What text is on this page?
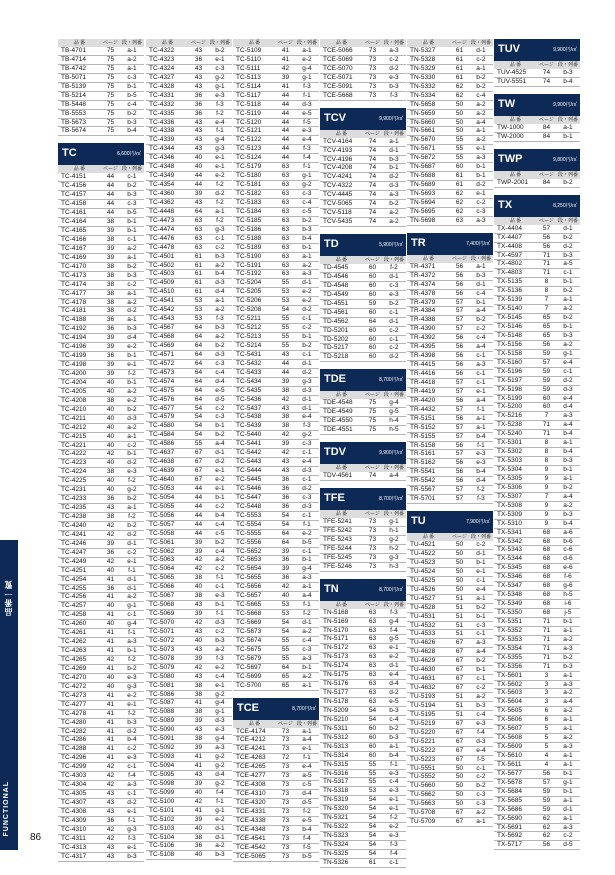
品 番	ページ 段・列番
TB-4701	75	a-1
TB-4714	75	a-2
TB-4742	75	a-1
TB-5071	75	c-3
TB-5139	75	b-1
TB-5214	75	b-5
TB-5448	75	c-4
TB-5553	75	b-2
TB-5673	75	b-3
TB-5674	75	b-4
TC	6,600円/㎡
品 番	ページ 段・列番
TC-4151	44	c-1
TC-4156	44	b-2
TC-4157	44	b-3
TC-4158	44	c-3
TC-4161	44	b-5
TC-4164	38	b-1
TC-4165	39	b-1
TC-4166	38	c-1
TC-4167	39	a-2
TC-4169	39	a-1
TC-4170	38	b-2
TC-4173	38	b-3
TC-4174	38	c-2
TC-4177	38	a-1
TC-4178	38	a-2
TC-4181	38	d-2
TC-4188	36	a-1
TC-4192	36	b-3
TC-4194	39	d-4
TC-4196	39	e-2
TC-4199	36	b-1
TC-4198	39	e-1
TC-4200	39	f-2
TC-4204	40	b-1
TC-4205	40	a-2
TC-4208	38	e-2
TC-4210	40	b-2
TC-4211	40	d-3
TC-4212	40	a-2
TC-4215	40	a-1
TC-4221	40	c-2
TC-4222	42	b-1
TC-4223	40	d-2
TC-4224	38	e-3
TC-4225	40	f-2
TC-4231	40	g-2
TC-4233	36	b-2
TC-4235	43	a-1
TC-4238	38	f-2
TC-4240	42	b-2
TC-4241	42	d-2
TC-4246	39	d-1
TC-4247	36	c-2
TC-4249	42	e-1
TC-4251	40	f-1
TC-4254	41	d-1
TC-4255	36	d-1
TC-4256	41	a-2
TC-4257	40	g-1
TC-4258	41	c-1
TC-4260	40	g-4
TC-4261	41	f-1
TC-4262	41	a-3
TC-4263	41	b-1
TC-4265	42	f-2
TC-4269	41	b-2
TC-4270	40	e-3
TC-4272	40	g-3
TC-4273	41	e-2
TC-4277	41	e-1
TC-4278	41	f-2
TC-4280	41	b-3
TC-4282	41	d-2
TC-4286	41	b-4
TC-4288	41	c-2
TC-4296	41	e-3
TC-4299	42	c-1
TC-4303	42	f-4
TC-4304	42	a-3
TC-4305	43	c-1
TC-4307	43	d-2
TC-4308	43	e-1
TC-4309	36	f-1
TC-4310	42	g-3
TC-4311	42	f-3
TC-4313	43	e-1
TC-4317	43	b-3
品 番	ページ 段・列番
TC-4322	43	b-2
TC-4323	36	e-1
TC-4324	43	c-3
TC-4327	43	g-2
TC-4328	43	g-1
TC-4331	36	e-3
TC-4332	36	f-3
TC-4335	36	f-2
TC-4336	43	e-4
TC-4338	43	f-1
TC-4339	43	g-4
TC-4344	43	g-3
TC-4346	40	e-1
TC-4348	40	e-1
TC-4349	44	e-2
TC-4354	44	f-2
TC-4360	39	d-2
TC-4362	43	f-2
TC-4448	64	a-1
TC-4473	63	f-2
TC-4474	63	g-3
TC-4476	63	c-1
TC-4478	63	c-2
TC-4501	61	b-3
TC-4502	61	a-2
TC-4503	61	b-4
TC-4509	61	d-3
TC-4510	61	d-4
TC-4541	53	a-1
TC-4542	53	a-2
TC-4543	53	f-3
TC-4567	64	b-3
TC-4568	64	a-2
TC-4569	64	b-2
TC-4571	64	d-3
TC-4572	64	c-3
TC-4573	64	c-4
TC-4574	64	d-4
TC-4575	64	e-5
TC-4576	64	d-5
TC-4577	54	c-2
TC-4579	54	c-3
TC-4580	54	b-1
TC-4584	54	b-2
TC-4586	55	a-4
TC-4637	67	d-1
TC-4638	67	d-2
TC-4639	67	e-1
TC-4640	67	e-2
TC-5053	44	e-1
TC-5054	44	b-1
TC-5055	44	c-2
TC-5056	44	b-4
TC-5057	44	c-4
TC-5058	44	c-5
TC-5061	39	b-2
TC-5062	39	c-4
TC-5063	42	a-2
TC-5064	42	c-2
TC-5065	38	f-1
TC-5066	40	c-1
TC-5067	38	e-3
TC-5068	43	b-1
TC-5069	39	f-1
TC-5070	42	d-3
TC-5071	43	c-2
TC-5072	40	b-3
TC-5073	43	a-2
TC-5078	39	f-3
TC-5079	42	e-2
TC-5080	43	c-4
TC-5081	38	e-1
TC-5086	38	g-2
TC-5087	41	g-4
TC-5088	38	g-1
TC-5089	39	d-3
TC-5090	43	e-3
TC-5091	38	g-4
TC-5092	39	a-3
TC-5093	41	g-2
TC-5094	41	g-2
TC-5095	43	d-4
TC-5098	39	g-2
TC-5099	40	f-4
TC-5100	42	f-1
TC-5101	41	g-1
TC-5102	39	e-2
TC-5103	40	d-1
TC-5104	38	d-1
TC-5106	36	a-2
TC-5108	40	b-3
品 番	ページ 段・列番
TC-5109	41	a-1
TC-5110	41	e-2
TC-5111	42	g-4
TC-5113	39	g-1
TC-5114	41	f-3
TC-5117	44	f-1
TC-5118	44	d-3
TC-5119	44	e-5
TC-5120	44	f-5
TC-5121	44	e-3
TC-5122	44	e-4
TC-5123	44	f-3
TC-5124	44	f-4
TC-5179	63	f-1
TC-5180	63	g-1
TC-5181	63	g-2
TC-5182	63	c-3
TC-5183	63	c-4
TC-5184	63	c-5
TC-5185	63	b-2
TC-5186	63	b-3
TC-5188	63	b-4
TC-5189	63	b-1
TC-5190	63	a-1
TC-5191	63	a-2
TC-5192	63	a-3
TC-5204	55	d-1
TC-5205	53	e-2
TC-5206	53	e-2
TC-5208	54	d-2
TC-5211	55	c-1
TC-5212	55	c-2
TC-5213	55	b-1
TC-5214	55	b-2
TC-5431	43	c-1
TC-5432	44	d-1
TC-5433	44	d-2
TC-5434	39	g-3
TC-5435	38	d-3
TC-5436	42	d-1
TC-5437	43	d-1
TC-5438	38	e-4
TC-5439	38	f-3
TC-5440	42	g-2
TC-5441	39	c-3
TC-5442	42	c-1
TC-5443	43	e-4
TC-5444	43	d-3
TC-5445	36	c-1
TC-5446	36	d-2
TC-5447	36	c-3
TC-5448	36	d-3
TC-5553	54	c-1
TC-5554	54	f-1
TC-5555	64	e-2
TC-5556	64	b-5
TC-5652	39	c-1
TC-5653	36	b-1
TC-5654	39	g-4
TC-5655	36	a-3
TC-5656	42	a-1
TC-5657	40	a-4
TC-5665	53	f-1
TC-5668	53	f-2
TC-5669	54	d-1
TC-5673	54	a-2
TC-5674	55	c-4
TC-5675	55	c-3
TC-5679	55	a-3
TC-5697	64	b-1
TC-5699	65	a-2
TC-5700	65	a-1
TCE	8,700円/㎡
品 番	ページ 段・列番
TCE-4174	73	a-1
TCE-4212	73	a-4
TCE-4241	73	e-1
TCE-4263	72	f-1
TCE-4265	73	e-4
TCE-4277	73	a-5
TCE-4308	73	c-5
TCE-4310	73	d-4
TCE-4320	73	d-5
TCE-4331	73	f-2
TCE-4338	73	e-5
TCE-4348	73	b-4
TCE-4541	73	f-4
TCE-4542	73	f-5
TCE-5065	73	b-5
品 番	ページ 段・列番
TCE-5066	73	a-3
TCE-5069	73	c-2
TCE-5070	73	d-2
TCE-5071	73	e-3
TCE-5091	73	b-3
TCE-5668	73	f-3
TCV	9,900円/㎡
品 番	ページ 段・列番
TCV-4164	74	a-1
TCV-4193	74	d-1
TCV-4196	74	b-3
TCV-4208	74	b-1
TCV-4241	74	d-2
TCV-4322	74	d-3
TCV-4445	74	a-3
TCV-5065	74	b-2
TCV-5118	74	a-2
TCV-5435	74	a-2
TD	5,900円/㎡
品 番	ページ 段・列番
TD-4545	60	f-2
TD-4546	60	d-1
TD-4548	60	c-3
TD-4549	60	e-3
TD-4551	59	b-2
TD-4561	60	c-1
TD-4562	64	d-1
TD-5201	60	c-2
TD-5202	60	c-1
TD-5217	60	c-2
TD-5218	60	d-2
TDE	8,700円/㎡
品 番	ページ 段・列番
TDE-4548	75	g-4
TDE-4549	75	g-5
TDE-4550	75	h-4
TDE-4551	75	h-5
TDV	9,900円/㎡
品 番	ページ 段・列番
TDV-4561	74	a-4
TFE	8,700円/㎡
品 番	ページ 段・列番
TFE-5241	73	g-1
TFE-5242	73	h-1
TFE-5243	73	g-2
TFE-5244	73	h-2
TFE-5245	73	g-3
TFE-5246	73	h-3
TN	8,700円/㎡
品 番	ページ 段・列番
TN-5168	63	f-3
TN-5169	63	g-4
TN-5170	63	f-4
TN-5171	63	g-5
TN-5172	63	e-1
TN-5173	63	e-2
TN-5174	63	d-1
TN-5175	63	e-4
TN-5176	63	d-4
TN-5177	63	d-2
TN-5178	63	e-5
TN-5209	54	b-3
TN-5210	54	c-4
TN-5311	60	b-2
TN-5312	60	b-3
TN-5313	60	a-1
TN-5314	60	b-4
TN-5315	55	f-1
TN-5316	55	e-3
TN-5317	55	c-4
TN-5318	53	e-3
TN-5319	54	e-1
TN-5320	54	e-1
TN-5321	54	f-2
TN-5322	54	e-2
TN-5323	54	e-3
TN-5324	54	f-3
TN-5325	54	f-4
TN-5326	61	c-1
品 番	ページ 段・列番
TN-5327	61	d-1
TN-5328	61	c-2
TN-5329	61	a-1
TN-5330	61	b-2
TN-5332	62	b-2
TN-5334	62	c-4
TN-5658	50	a-2
TN-5659	50	a-2
TN-5660	50	a-4
TN-5661	50	a-1
TN-5670	55	a-2
TN-5671	55	e-1
TN-5672	55	a-3
TN-5687	60	b-1
TN-5688	61	b-1
TN-5689	61	d-2
TN-5693	62	e-1
TN-5694	62	c-2
TN-5695	62	c-3
TN-5698	63	a-3
TR	7,400円/㎡
品 番	ページ 段・列番
TR-4371	56	a-1
TR-4372	56	b-3
TR-4374	56	d-1
TR-4378	56	c-4
TR-4379	57	b-1
TR-4384	57	a-4
TR-4388	57	b-2
TR-4390	57	c-2
TR-4392	56	c-4
TR-4395	56	a-4
TR-4398	56	c-1
TR-4415	56	a-3
TR-4416	56	c-1
TR-4418	57	c-1
TR-4419	57	e-1
TR-4420	56	a-4
TR-4432	57	f-1
TR-5151	56	a-1
TR-5152	57	a-1
TR-5155	57	b-4
TR-5158	56	f-1
TR-5161	57	e-3
TR-5162	56	e-3
TR-5541	56	b-4
TR-5542	56	d-4
TR-5567	57	f-2
TR-5701	57	f-3
TU	7,900円/㎡
品 番	ページ 段・列番
TU-4521	50	c-2
TU-4522	50	d-1
TU-4523	50	b-1
TU-4524	50	e-1
TU-4525	50	c-1
TU-4526	50	e-4
TU-4527	51	a-1
TU-4528	51	b-2
TU-4531	51	b-1
TU-4532	51	c-3
TU-4533	51	c-1
TU-4626	67	a-3
TU-4628	67	a-4
TU-4629	67	b-2
TU-4630	67	b-1
TU-4631	67	c-1
TU-4632	67	c-2
TU-5193	51	a-2
TU-5194	51	b-3
TU-5195	51	c-4
TU-5219	67	e-3
TU-5220	67	f-4
TU-5221	67	d-3
TU-5222	67	e-4
TU-5223	67	f-5
TU-5551	50	c-1
TU-5552	50	c-2
TU-5660	50	b-2
TU-5662	50	c-3
TU-5663	50	c-3
TU-5708	67	a-2
TU-5709	67	a-1
TUV	9,900円/㎡
品 番	ページ 段・列番
TUV-4525	74	b-3
TUV-5551	74	b-4
TW	9,900円/㎡
品 番	ページ 段・列番
TW-1000	84	a-1
TW-2000	84	b-1
TWP	9,800円/㎡
品 番	ページ 段・列番
TWP-2001	84	b-2
TX	8,250円/㎡
品 番	ページ 段・列番
TX-4404	57	d-1
TX-4407	56	b-2
TX-4408	56	d-2
TX-4597	71	b-3
TX-4802	71	a-5
TX-4803	71	c-1
TX-5135	8	b-1
TX-5136	8	b-2
TX-5139	7	a-1
TX-5140	7	a-2
TX-5145	65	b-2
TX-5146	65	b-1
TX-5148	65	b-3
TX-5156	56	a-2
TX-5158	59	g-1
TX-5160	57	e-4
TX-5196	59	c-1
TX-5197	59	d-2
TX-5198	59	d-3
TX-5199	60	e-4
TX-5200	60	d-4
TX-5216	7	a-3
TX-5238	71	a-4
TX-5240	71	b-4
TX-5301	8	a-1
TX-5302	8	b-4
TX-5303	8	b-3
TX-5304	9	b-1
TX-5305	9	a-1
TX-5306	9	b-2
TX-5307	7	a-4
TX-5308	9	a-2
TX-5309	9	b-3
TX-5310	9	b-4
TX-5341	68	a-6
TX-5342	68	b-6
TX-5343	68	c-6
TX-5344	68	d-6
TX-5345	68	e-6
TX-5346	68	f-6
TX-5347	68	g-6
TX-5348	68	h-5
TX-5349	68	i-6
TX-5350	68	j-5
TX-5351	71	b-1
TX-5352	71	a-1
TX-5353	71	a-2
TX-5354	71	a-3
TX-5355	71	b-2
TX-5356	71	b-3
TX-5601	3	a-1
TX-5602	3	a-3
TX-5603	3	a-2
TX-5604	3	a-4
TX-5605	6	a-2
TX-5606	6	a-1
TX-5607	5	a-1
TX-5608	5	a-2
TX-5609	5	a-3
TX-5610	4	a-1
TX-5611	4	a-1
TX-5677	56	b-1
TX-5678	57	g-1
TX-5684	59	b-1
TX-5685	59	a-1
TX-5686	59	d-1
TX-5690	62	a-1
TX-5691	62	a-3
TX-5692	62	c-2
TX-5717	56	d-5
品番一覧
FUNCTIONAL
86
